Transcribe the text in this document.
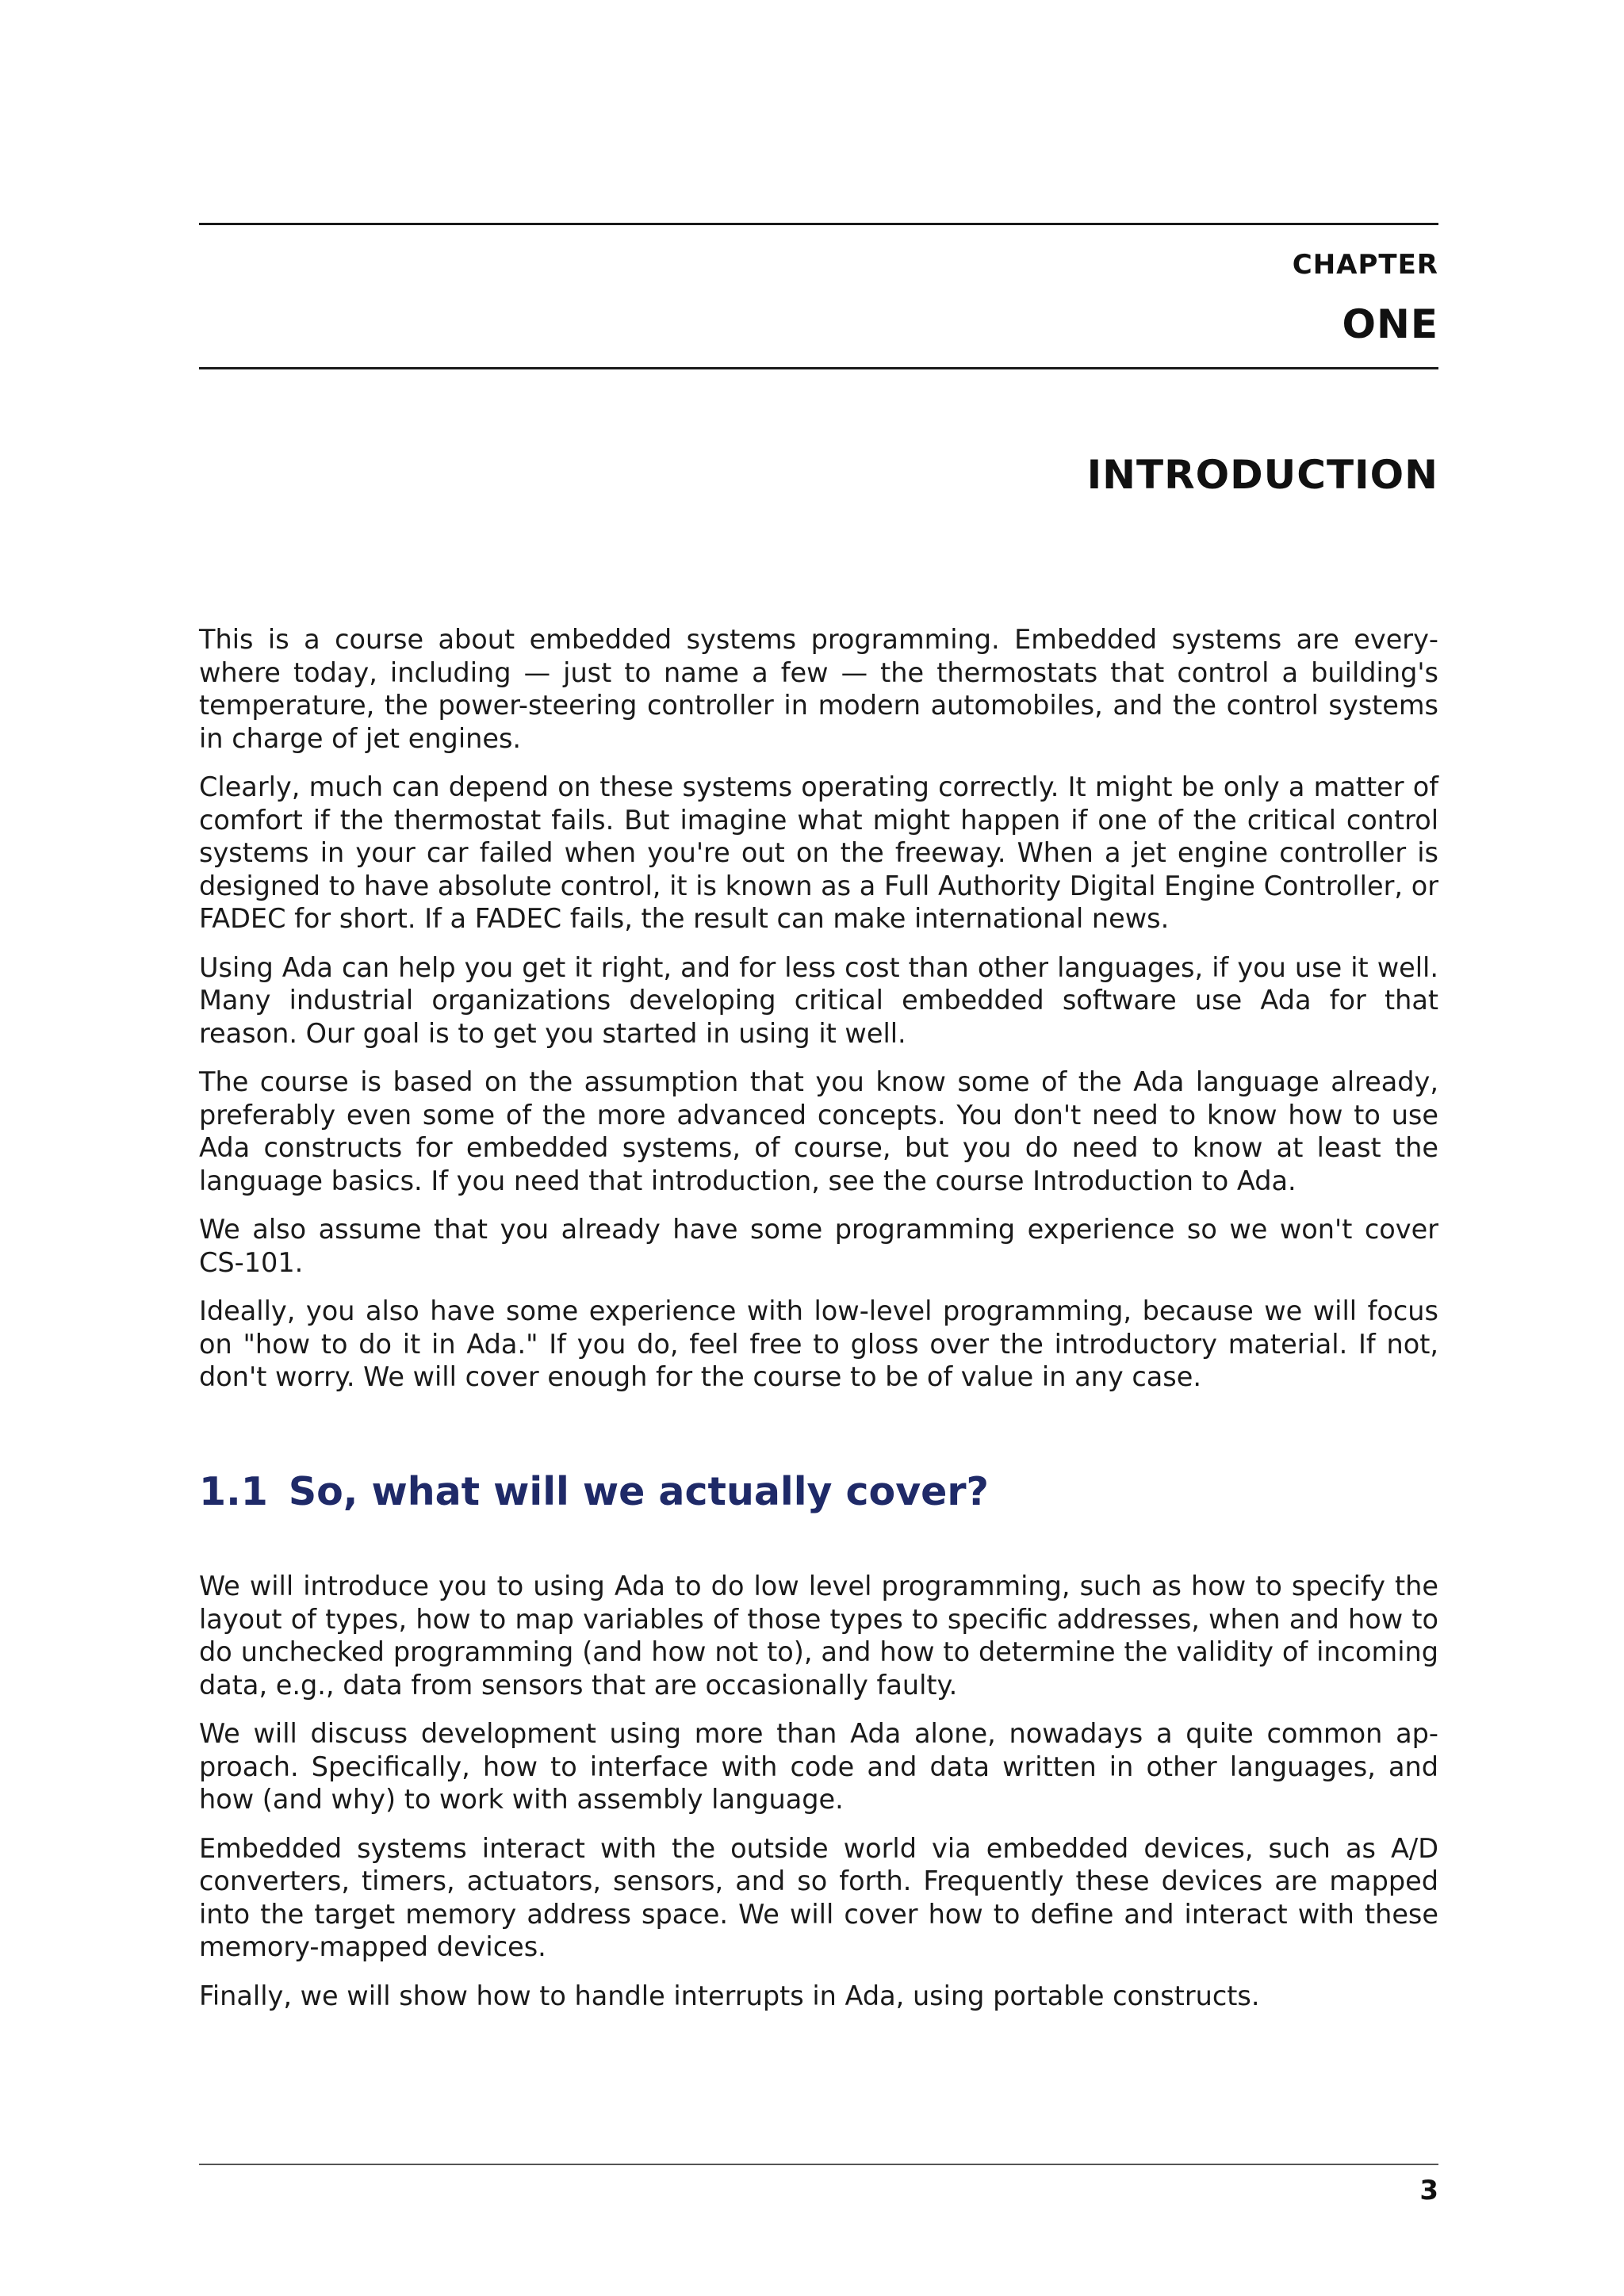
CHAPTER
ONE
INTRODUCTION

This is a course about embedded systems programming. Embedded systems are everywhere today, including — just to name a few — the thermostats that control a building's temperature, the power-steering controller in modern automobiles, and the control systems in charge of jet engines.

Clearly, much can depend on these systems operating correctly. It might be only a matter of comfort if the thermostat fails. But imagine what might happen if one of the critical control systems in your car failed when you're out on the freeway. When a jet engine controller is designed to have absolute control, it is known as a Full Authority Digital Engine Controller, or FADEC for short. If a FADEC fails, the result can make international news.

Using Ada can help you get it right, and for less cost than other languages, if you use it well. Many industrial organizations developing critical embedded software use Ada for that reason. Our goal is to get you started in using it well.

The course is based on the assumption that you know some of the Ada language already, preferably even some of the more advanced concepts. You don't need to know how to use Ada constructs for embedded systems, of course, but you do need to know at least the language basics. If you need that introduction, see the course Introduction to Ada.

We also assume that you already have some programming experience so we won't cover CS-101.

Ideally, you also have some experience with low-level programming, because we will focus on "how to do it in Ada." If you do, feel free to gloss over the introductory material. If not, don't worry. We will cover enough for the course to be of value in any case.

1.1 So, what will we actually cover?

We will introduce you to using Ada to do low level programming, such as how to specify the layout of types, how to map variables of those types to specific addresses, when and how to do unchecked programming (and how not to), and how to determine the validity of incoming data, e.g., data from sensors that are occasionally faulty.

We will discuss development using more than Ada alone, nowadays a quite common approach. Specifically, how to interface with code and data written in other languages, and how (and why) to work with assembly language.

Embedded systems interact with the outside world via embedded devices, such as A/D converters, timers, actuators, sensors, and so forth. Frequently these devices are mapped into the target memory address space. We will cover how to define and interact with these memory-mapped devices.

Finally, we will show how to handle interrupts in Ada, using portable constructs.

3
